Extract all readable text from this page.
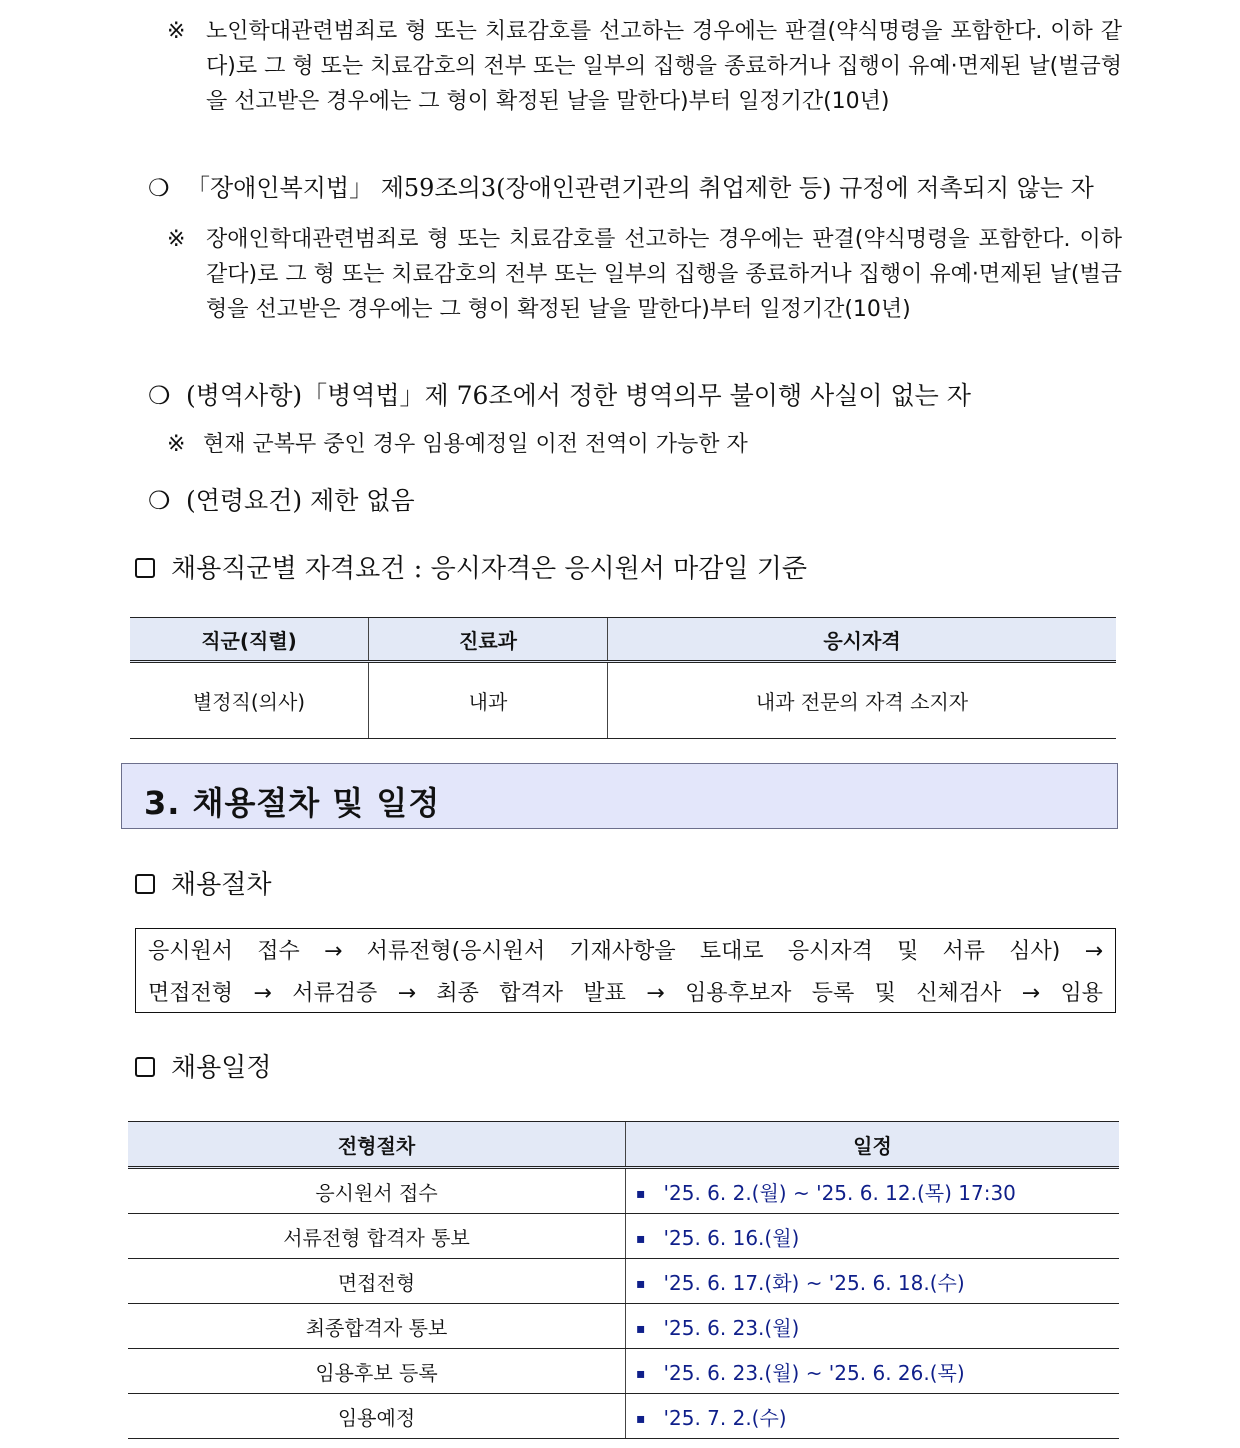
※ 노인학대관련범죄로 형 또는 치료감호를 선고하는 경우에는 판결(약식명령을 포함한다. 이하 같다)로 그 형 또는 치료감호의 전부 또는 일부의 집행을 종료하거나 집행이 유예·면제된 날(벌금형을 선고받은 경우에는 그 형이 확정된 날을 말한다)부터 일정기간(10년)
❍ 「장애인복지법」 제59조의3(장애인관련기관의 취업제한 등) 규정에 저촉되지 않는 자
※ 장애인학대관련범죄로 형 또는 치료감호를 선고하는 경우에는 판결(약식명령을 포함한다. 이하 같다)로 그 형 또는 치료감호의 전부 또는 일부의 집행을 종료하거나 집행이 유예·면제된 날(벌금형을 선고받은 경우에는 그 형이 확정된 날을 말한다)부터 일정기간(10년)
❍ (병역사항)「병역법」제 76조에서 정한 병역의무 불이행 사실이 없는 자
※ 현재 군복무 중인 경우 임용예정일 이전 전역이 가능한 자
❍ (연령요건) 제한 없음
채용직군별 자격요건 : 응시자격은 응시원서 마감일 기준
직군(직렬)	진료과	응시자격
별정직(의사)	내과	내과 전문의 자격 소지자
3. 채용절차 및 일정
채용절차
응시원서 접수 → 서류전형(응시원서 기재사항을 토대로 응시자격 및 서류 심사) →
면접전형 → 서류검증 → 최종 합격자 발표 → 임용후보자 등록 및 신체검사 → 임용
채용일정
전형절차	일정
응시원서 접수	▪ '25. 6. 2.(월) ~ '25. 6. 12.(목) 17:30
서류전형 합격자 통보	▪ '25. 6. 16.(월)
면접전형	▪ '25. 6. 17.(화) ~ '25. 6. 18.(수)
최종합격자 통보	▪ '25. 6. 23.(월)
임용후보 등록	▪ '25. 6. 23.(월) ~ '25. 6. 26.(목)
임용예정	▪ '25. 7. 2.(수)
